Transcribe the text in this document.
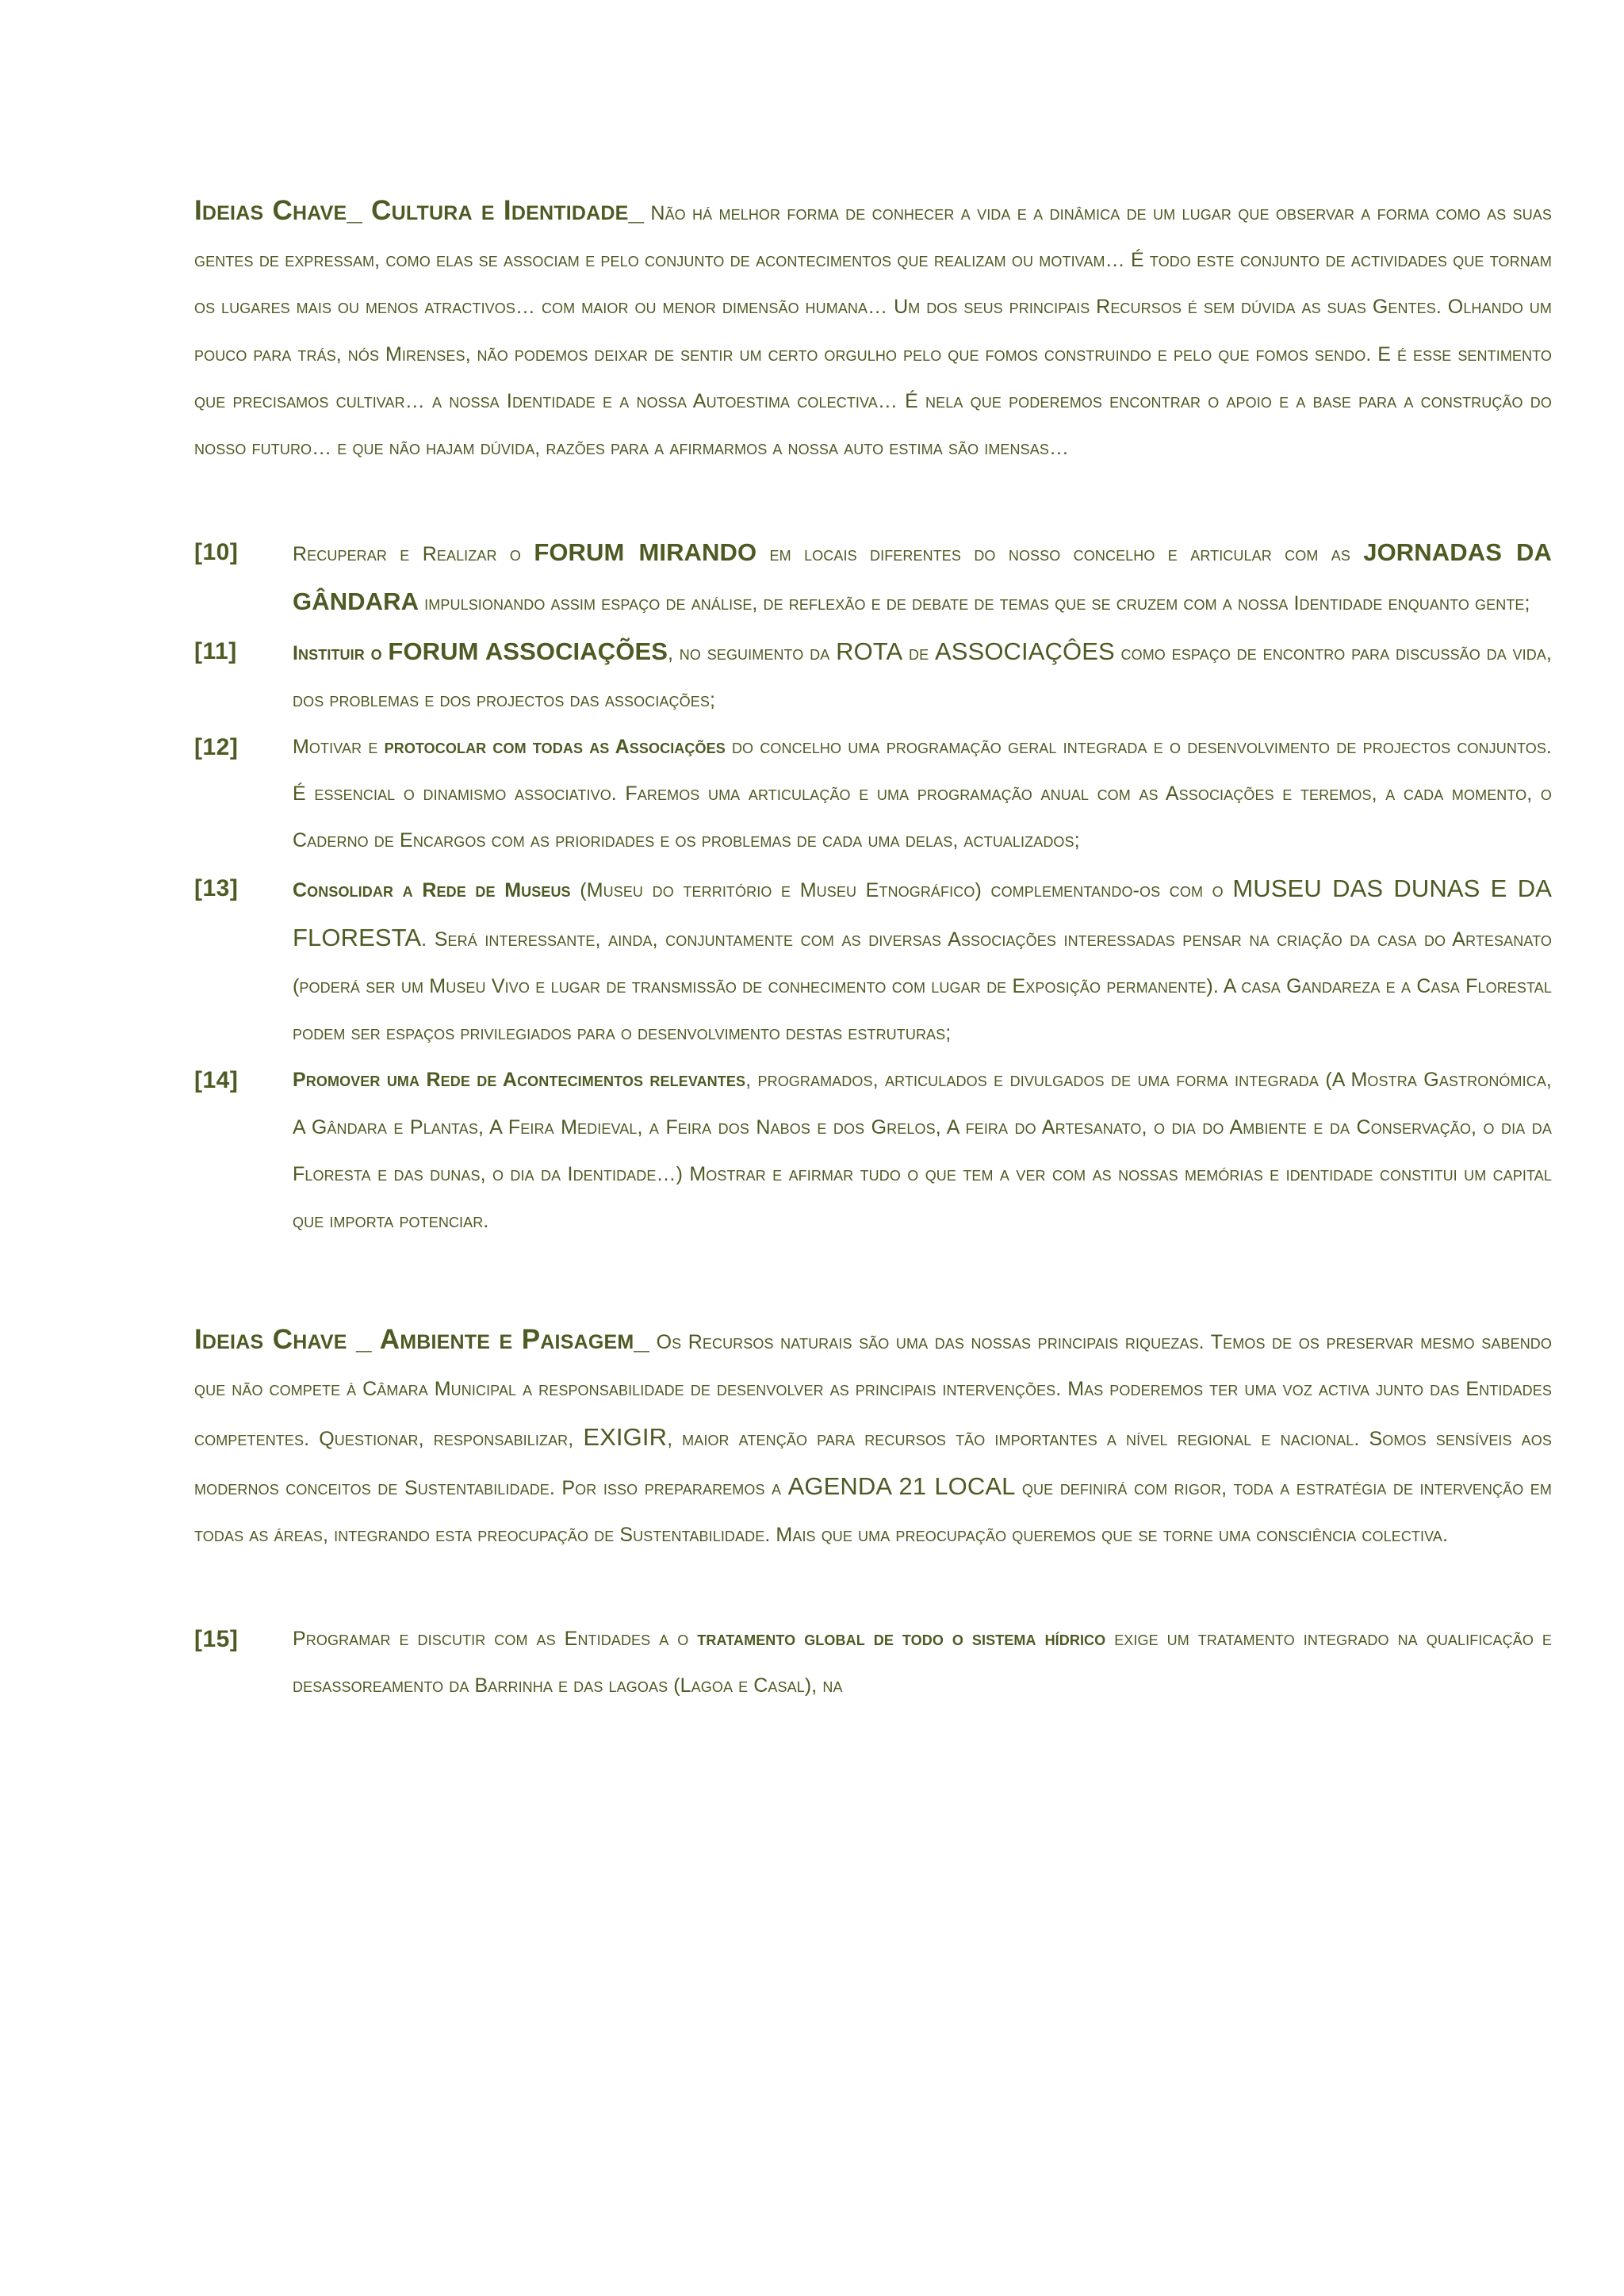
Ideias Chave_ Cultura e Identidade_ Não há melhor forma de conhecer a vida e a dinâmica de um lugar que observar a forma como as suas gentes de expressam, como elas se associam e pelo conjunto de acontecimentos que realizam ou motivam… É todo este conjunto de actividades que tornam os lugares mais ou menos atractivos… com maior ou menor dimensão humana… Um dos seus principais Recursos é sem dúvida as suas Gentes. Olhando um pouco para trás, nós Mirenses, não podemos deixar de sentir um certo orgulho pelo que fomos construindo e pelo que fomos sendo. E é esse sentimento que precisamos cultivar… a nossa Identidade e a nossa Autoestima colectiva… É nela que poderemos encontrar o apoio e a base para a construção do nosso futuro… e que não hajam dúvida, razões para a afirmarmos a nossa auto estima são imensas…

[10]	Recuperar e Realizar o FORUM MIRANDO em locais diferentes do nosso concelho e articular com as JORNADAS DA GÂNDARA impulsionando assim espaço de análise, de reflexão e de debate de temas que se cruzem com a nossa Identidade enquanto gente;

[11]	Instituir o FORUM ASSOCIAÇÕES, no seguimento da ROTA de ASSOCIAÇÔES como espaço de encontro para discussão da vida, dos problemas e dos projectos das associações;

[12]	Motivar e protocolar com todas as Associações do concelho uma programação geral integrada e o desenvolvimento de projectos conjuntos. É essencial o dinamismo associativo. Faremos uma articulação e uma programação anual com as Associações e teremos, a cada momento, o Caderno de Encargos com as prioridades e os problemas de cada uma delas, actualizados;

[13]	Consolidar a Rede de Museus (Museu do território e Museu Etnográfico) complementando-os com o MUSEU DAS DUNAS E DA FLORESTA. Será interessante, ainda, conjuntamente com as diversas Associações interessadas pensar na criação da casa do Artesanato (poderá ser um Museu Vivo e lugar de transmissão de conhecimento com lugar de Exposição permanente). A casa Gandareza e a Casa Florestal podem ser espaços privilegiados para o desenvolvimento destas estruturas;

[14]	Promover uma Rede de Acontecimentos relevantes, programados, articulados e divulgados de uma forma integrada (A Mostra Gastronómica, A Gândara e Plantas, A Feira Medieval, a Feira dos Nabos e dos Grelos, A feira do Artesanato, o dia do Ambiente e da Conservação, o dia da Floresta e das dunas, o dia da Identidade…) Mostrar e afirmar tudo o que tem a ver com as nossas memórias e identidade constitui um capital que importa potenciar.

Ideias Chave _ Ambiente e Paisagem_ Os Recursos naturais são uma das nossas principais riquezas. Temos de os preservar mesmo sabendo que não compete à Câmara Municipal a responsabilidade de desenvolver as principais intervenções. Mas poderemos ter uma voz activa junto das Entidades competentes. Questionar, responsabilizar, EXIGIR, maior atenção para recursos tão importantes a nível regional e nacional. Somos sensíveis aos modernos conceitos de Sustentabilidade. Por isso prepararemos a AGENDA 21 LOCAL que definirá com rigor, toda a estratégia de intervenção em todas as áreas, integrando esta preocupação de Sustentabilidade. Mais que uma preocupação queremos que se torne uma consciência colectiva.

[15]	Programar e discutir com as Entidades a o tratamento global de todo o sistema hídrico exige um tratamento integrado na qualificação e desassoreamento da Barrinha e das lagoas (Lagoa e Casal), na
